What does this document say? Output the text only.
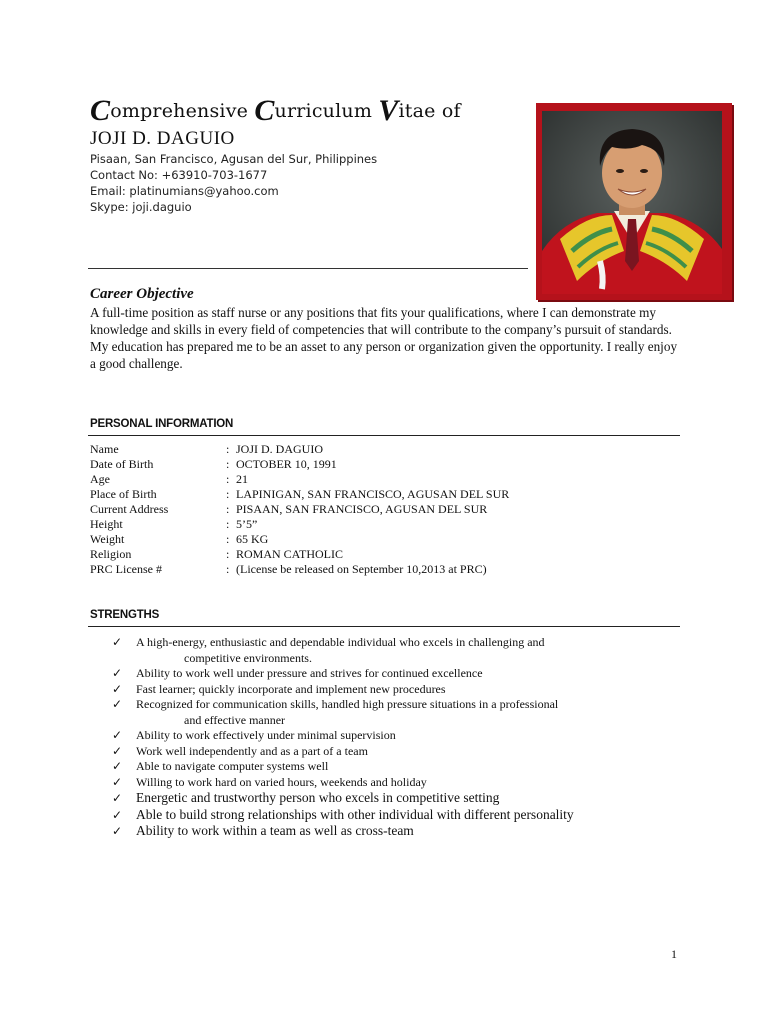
Comprehensive Curriculum Vitae of
JOJI D. DAGUIO
Pisaan, San Francisco, Agusan del Sur, Philippines
Contact No: +63910-703-1677
Email: platinumians@yahoo.com
Skype: joji.daguio
Career Objective
A full-time position as staff nurse or any positions that fits your qualifications, where I can demonstrate my knowledge and skills in every field of competencies that will contribute to the company’s pursuit of standards. My education has prepared me to be an asset to any person or organization given the opportunity. I really enjoy a good challenge.
PERSONAL INFORMATION
Name	: JOJI D. DAGUIO
Date of Birth	: OCTOBER 10, 1991
Age	: 21
Place of Birth	: LAPINIGAN, SAN FRANCISCO, AGUSAN DEL SUR
Current Address	: PISAAN, SAN FRANCISCO, AGUSAN DEL SUR
Height	: 5’5”
Weight	: 65 KG
Religion	: ROMAN CATHOLIC
PRC License #	: (License be released on September 10,2013 at PRC)
STRENGTHS
✓ A high-energy, enthusiastic and dependable individual who excels in challenging and
competitive environments.
✓ Ability to work well under pressure and strives for continued excellence
✓ Fast learner; quickly incorporate and implement new procedures
✓ Recognized for communication skills, handled high pressure situations in a professional
and effective manner
✓ Ability to work effectively under minimal supervision
✓ Work well independently and as a part of a team
✓ Able to navigate computer systems well
✓ Willing to work hard on varied hours, weekends and holiday
✓ Energetic and trustworthy person who excels in competitive setting
✓ Able to build strong relationships with other individual with different personality
✓ Ability to work within a team as well as cross-team
1
